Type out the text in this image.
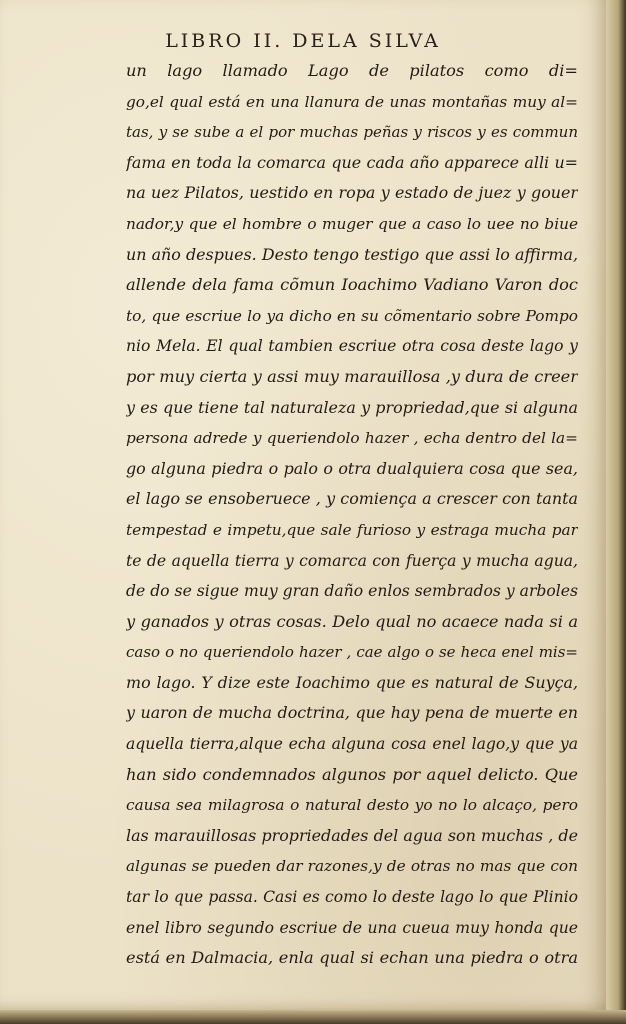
LIBRO II. DELA SILVA
un lago llamado Lago de pilatos como di=
go,el qual está en una llanura de unas montañas muy al=
tas, y se sube a el por muchas peñas y riscos y es commun
fama en toda la comarca que cada año apparece alli u=
na uez Pilatos, uestido en ropa y estado de juez y gouer
nador,y que el hombre o muger que a caso lo uee no biue
un año despues. Desto tengo testigo que assi lo affirma,
allende dela fama cõmun Ioachimo Vadiano Varon doc
to, que escriue lo ya dicho en su cõmentario sobre Pompo
nio Mela. El qual tambien escriue otra cosa deste lago y
por muy cierta y assi muy marauillosa ,y dura de creer
y es que tiene tal naturaleza y propriedad,que si alguna
persona adrede y queriendolo hazer , echa dentro del la=
go alguna piedra o palo o otra dualquiera cosa que sea,
el lago se ensoberuece , y comiença a crescer con tanta
tempestad e impetu,que sale furioso y estraga mucha par
te de aquella tierra y comarca con fuerça y mucha agua,
de do se sigue muy gran daño enlos sembrados y arboles
y ganados y otras cosas. Delo qual no acaece nada si a
caso o no queriendolo hazer , cae algo o se heca enel mis=
mo lago. Y dize este Ioachimo que es natural de Suyça,
y uaron de mucha doctrina, que hay pena de muerte en
aquella tierra,alque echa alguna cosa enel lago,y que ya
han sido condemnados algunos por aquel delicto. Que
causa sea milagrosa o natural desto yo no lo alcaço, pero
las marauillosas propriedades del agua son muchas , de
algunas se pueden dar razones,y de otras no mas que con
tar lo que passa. Casi es como lo deste lago lo que Plinio
enel libro segundo escriue de una cueua muy honda que
está en Dalmacia, enla qual si echan una piedra o otra
